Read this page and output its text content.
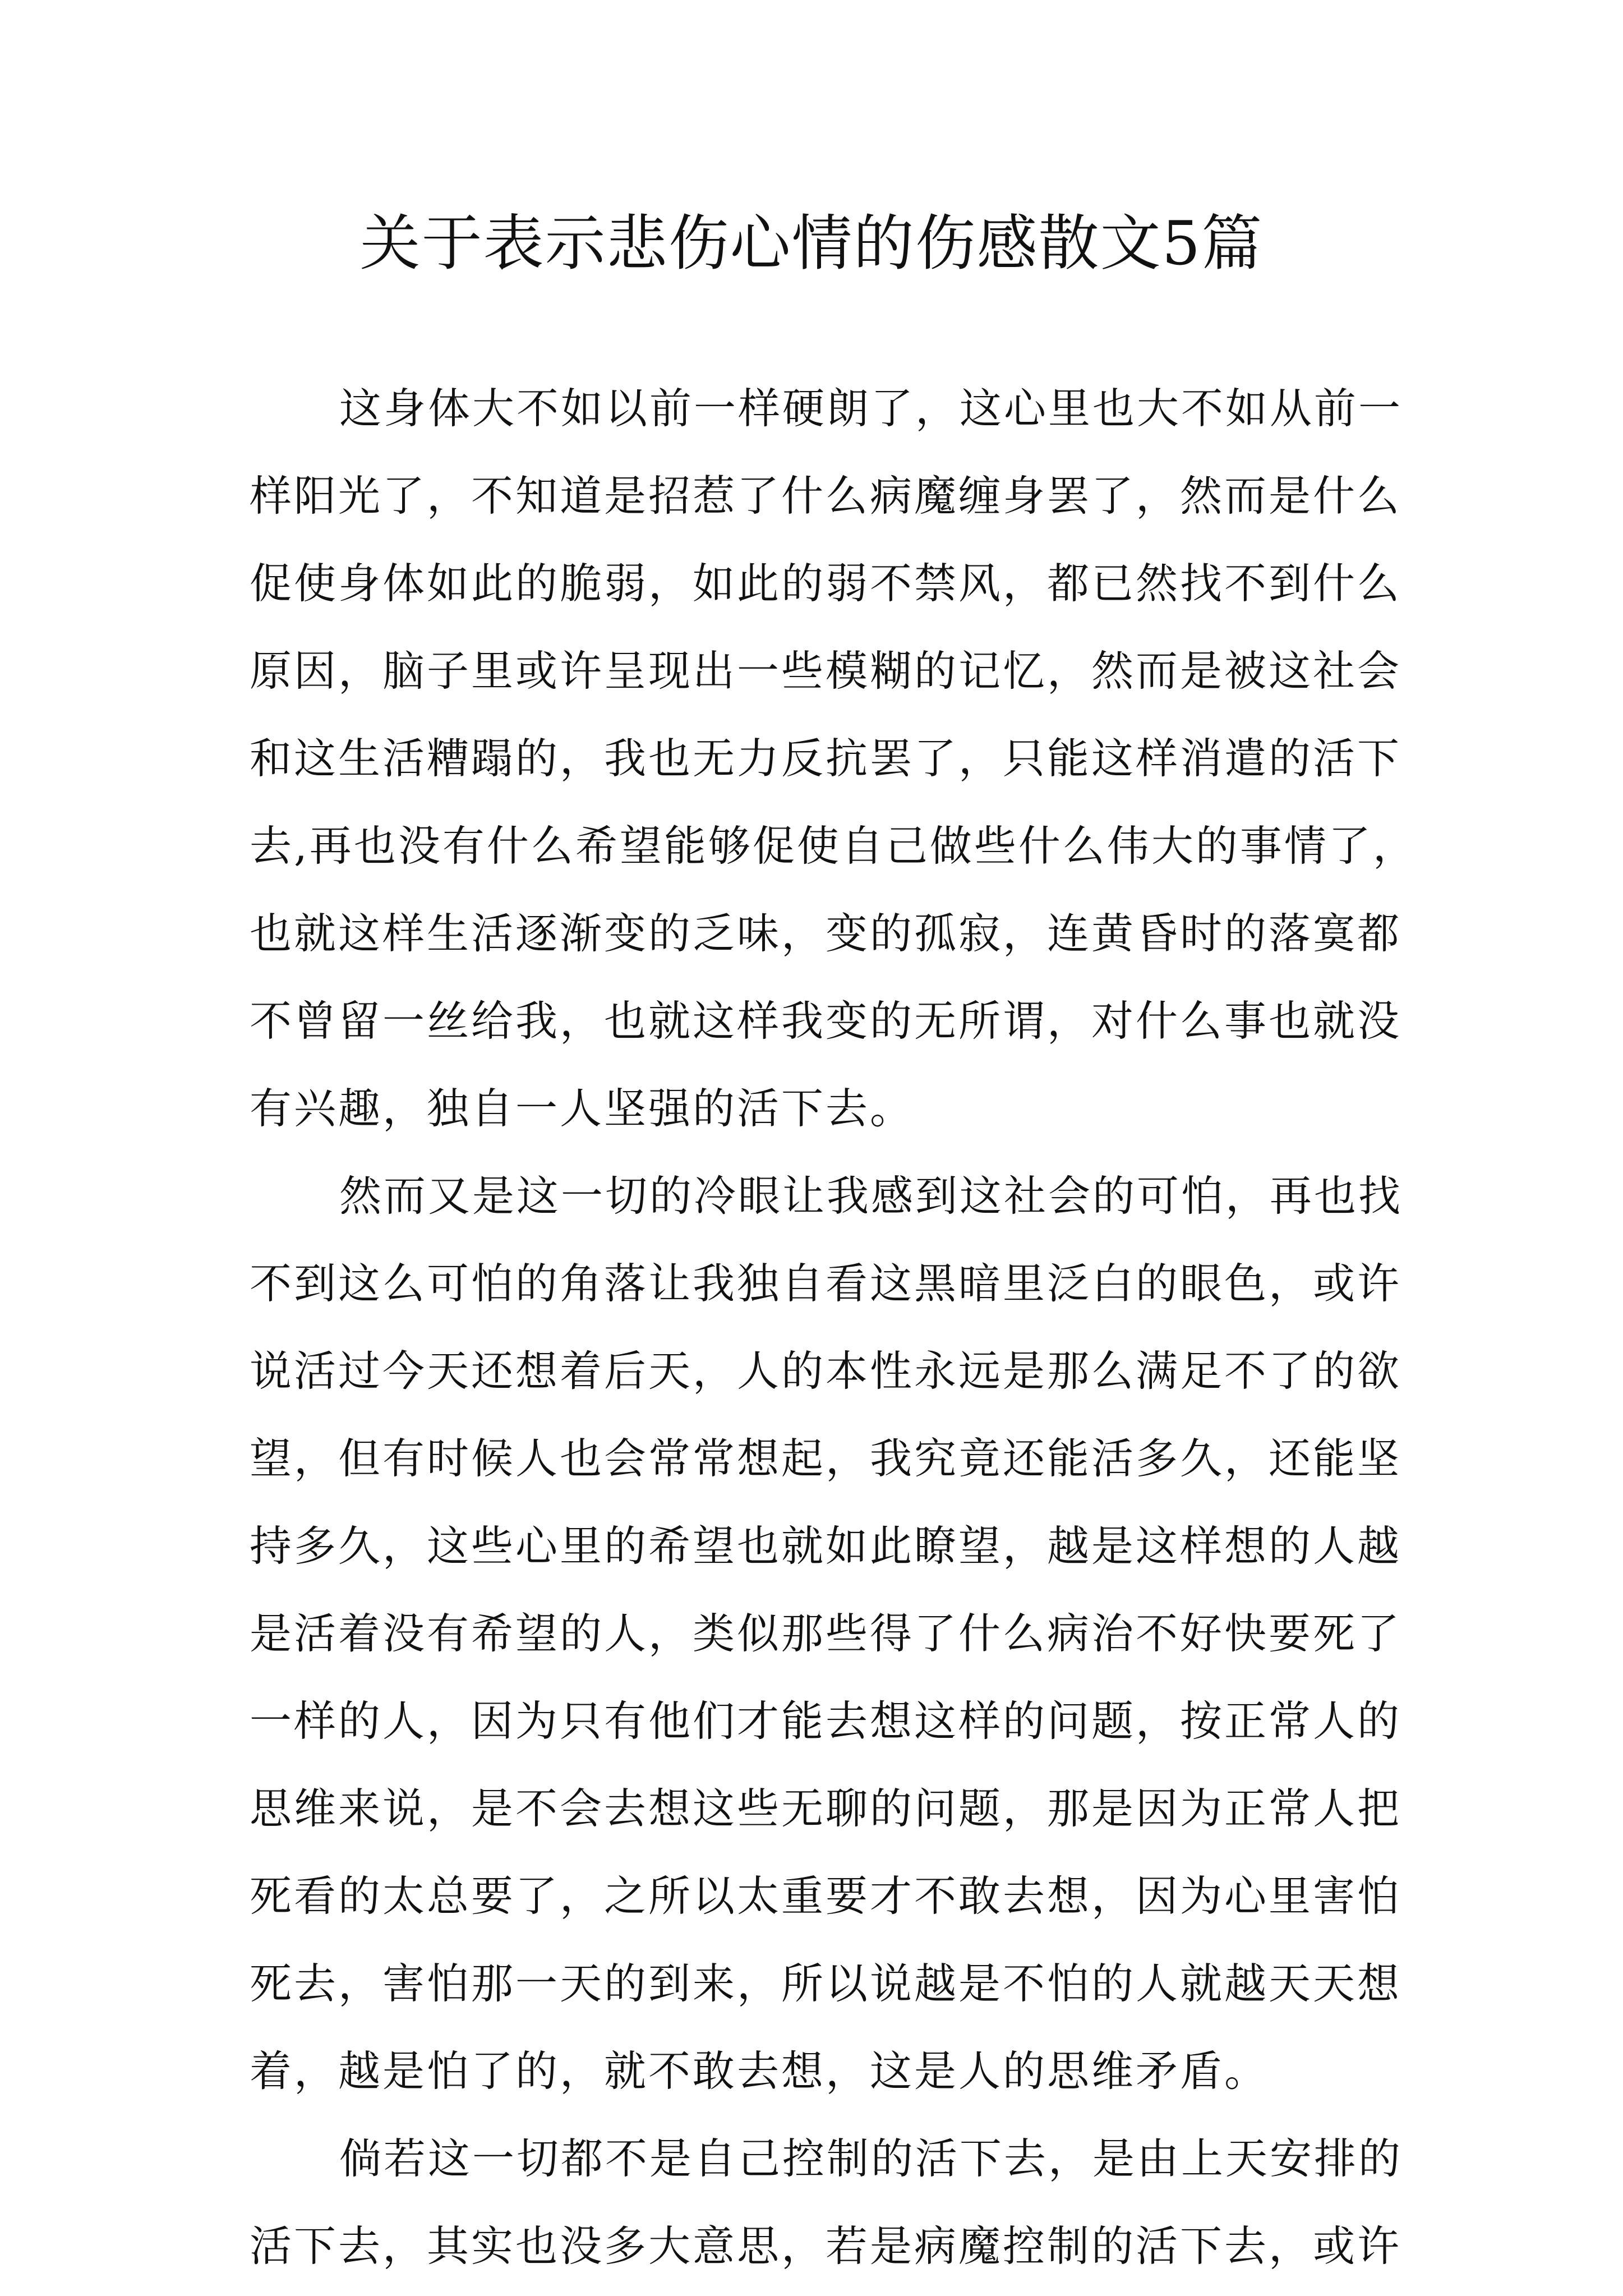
关于表示悲伤心情的伤感散文5篇

这身体大不如以前一样硬朗了，这心里也大不如从前一
样阳光了，不知道是招惹了什么病魔缠身罢了，然而是什么
促使身体如此的脆弱，如此的弱不禁风，都已然找不到什么
原因，脑子里或许呈现出一些模糊的记忆，然而是被这社会
和这生活糟蹋的，我也无力反抗罢了，只能这样消遣的活下
去,再也没有什么希望能够促使自己做些什么伟大的事情了，
也就这样生活逐渐变的乏味，变的孤寂，连黄昏时的落寞都
不曾留一丝给我，也就这样我变的无所谓，对什么事也就没
有兴趣，独自一人坚强的活下去。

然而又是这一切的冷眼让我感到这社会的可怕，再也找
不到这么可怕的角落让我独自看这黑暗里泛白的眼色，或许
说活过今天还想着后天，人的本性永远是那么满足不了的欲
望，但有时候人也会常常想起，我究竟还能活多久，还能坚
持多久，这些心里的希望也就如此瞭望，越是这样想的人越
是活着没有希望的人，类似那些得了什么病治不好快要死了
一样的人，因为只有他们才能去想这样的问题，按正常人的
思维来说，是不会去想这些无聊的问题，那是因为正常人把
死看的太总要了，之所以太重要才不敢去想，因为心里害怕
死去，害怕那一天的到来，所以说越是不怕的人就越天天想
着，越是怕了的，就不敢去想，这是人的思维矛盾。

倘若这一切都不是自己控制的活下去，是由上天安排的
活下去，其实也没多大意思，若是病魔控制的活下去，或许
